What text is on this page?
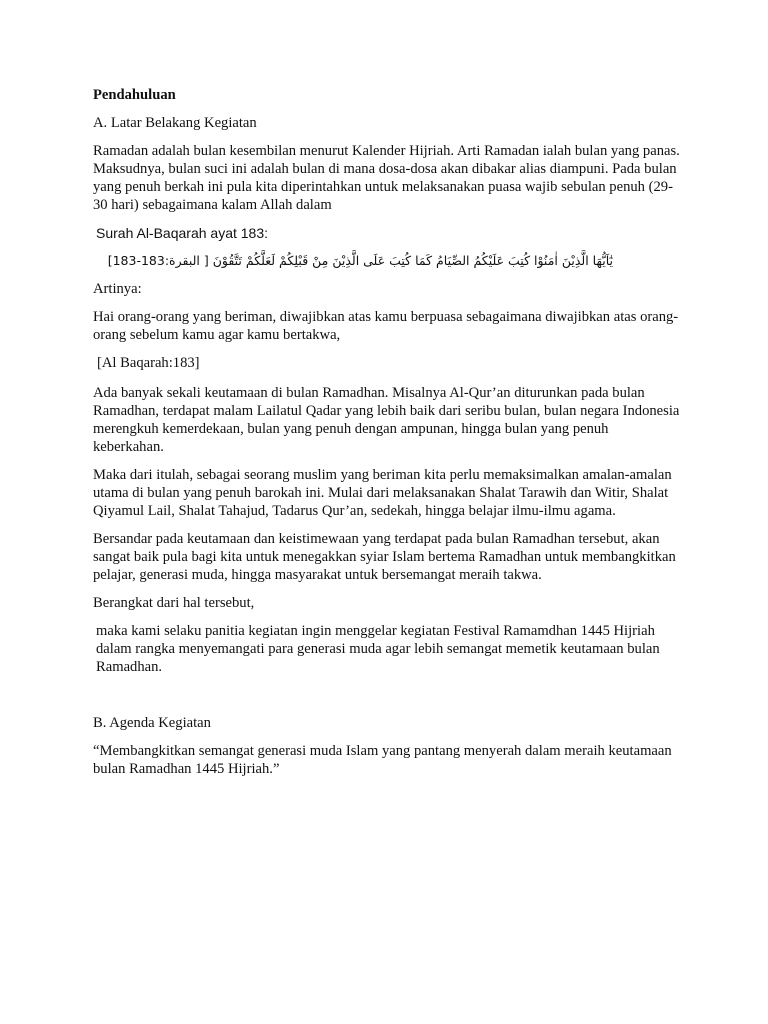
Pendahuluan

A. Latar Belakang Kegiatan

Ramadan adalah bulan kesembilan menurut Kalender Hijriah. Arti Ramadan ialah bulan yang panas. Maksudnya, bulan suci ini adalah bulan di mana dosa-dosa akan dibakar alias diampuni. Pada bulan yang penuh berkah ini pula kita diperintahkan untuk melaksanakan puasa wajib sebulan penuh (29-30 hari) sebagaimana kalam Allah dalam

Surah Al-Baqarah ayat 183:

يٰٓاَيُّهَا الَّذِيْنَ اٰمَنُوْا كُتِبَ عَلَيْكُمُ الصِّيَامُ كَمَا كُتِبَ عَلَى الَّذِيْنَ مِنْ قَبْلِكُمْ لَعَلَّكُمْ تَتَّقُوْنَ [ البقرة:183-183]

Artinya:

Hai orang-orang yang beriman, diwajibkan atas kamu berpuasa sebagaimana diwajibkan atas orang-orang sebelum kamu agar kamu bertakwa,

[Al Baqarah:183]

Ada banyak sekali keutamaan di bulan Ramadhan. Misalnya Al-Qur’an diturunkan pada bulan Ramadhan, terdapat malam Lailatul Qadar yang lebih baik dari seribu bulan, bulan negara Indonesia merengkuh kemerdekaan, bulan yang penuh dengan ampunan, hingga bulan yang penuh keberkahan.

Maka dari itulah, sebagai seorang muslim yang beriman kita perlu memaksimalkan amalan-amalan utama di bulan yang penuh barokah ini. Mulai dari melaksanakan Shalat Tarawih dan Witir, Shalat Qiyamul Lail, Shalat Tahajud, Tadarus Qur’an, sedekah, hingga belajar ilmu-ilmu agama.

Bersandar pada keutamaan dan keistimewaan yang terdapat pada bulan Ramadhan tersebut, akan sangat baik pula bagi kita untuk menegakkan syiar Islam bertema Ramadhan untuk membangkitkan pelajar, generasi muda, hingga masyarakat untuk bersemangat meraih takwa.

Berangkat dari hal tersebut,

maka kami selaku panitia kegiatan ingin menggelar kegiatan Festival Ramamdhan 1445 Hijriah dalam rangka menyemangati para generasi muda agar lebih semangat memetik keutamaan bulan Ramadhan.

B. Agenda Kegiatan

“Membangkitkan semangat generasi muda Islam yang pantang menyerah dalam meraih keutamaan bulan Ramadhan 1445 Hijriah.”
